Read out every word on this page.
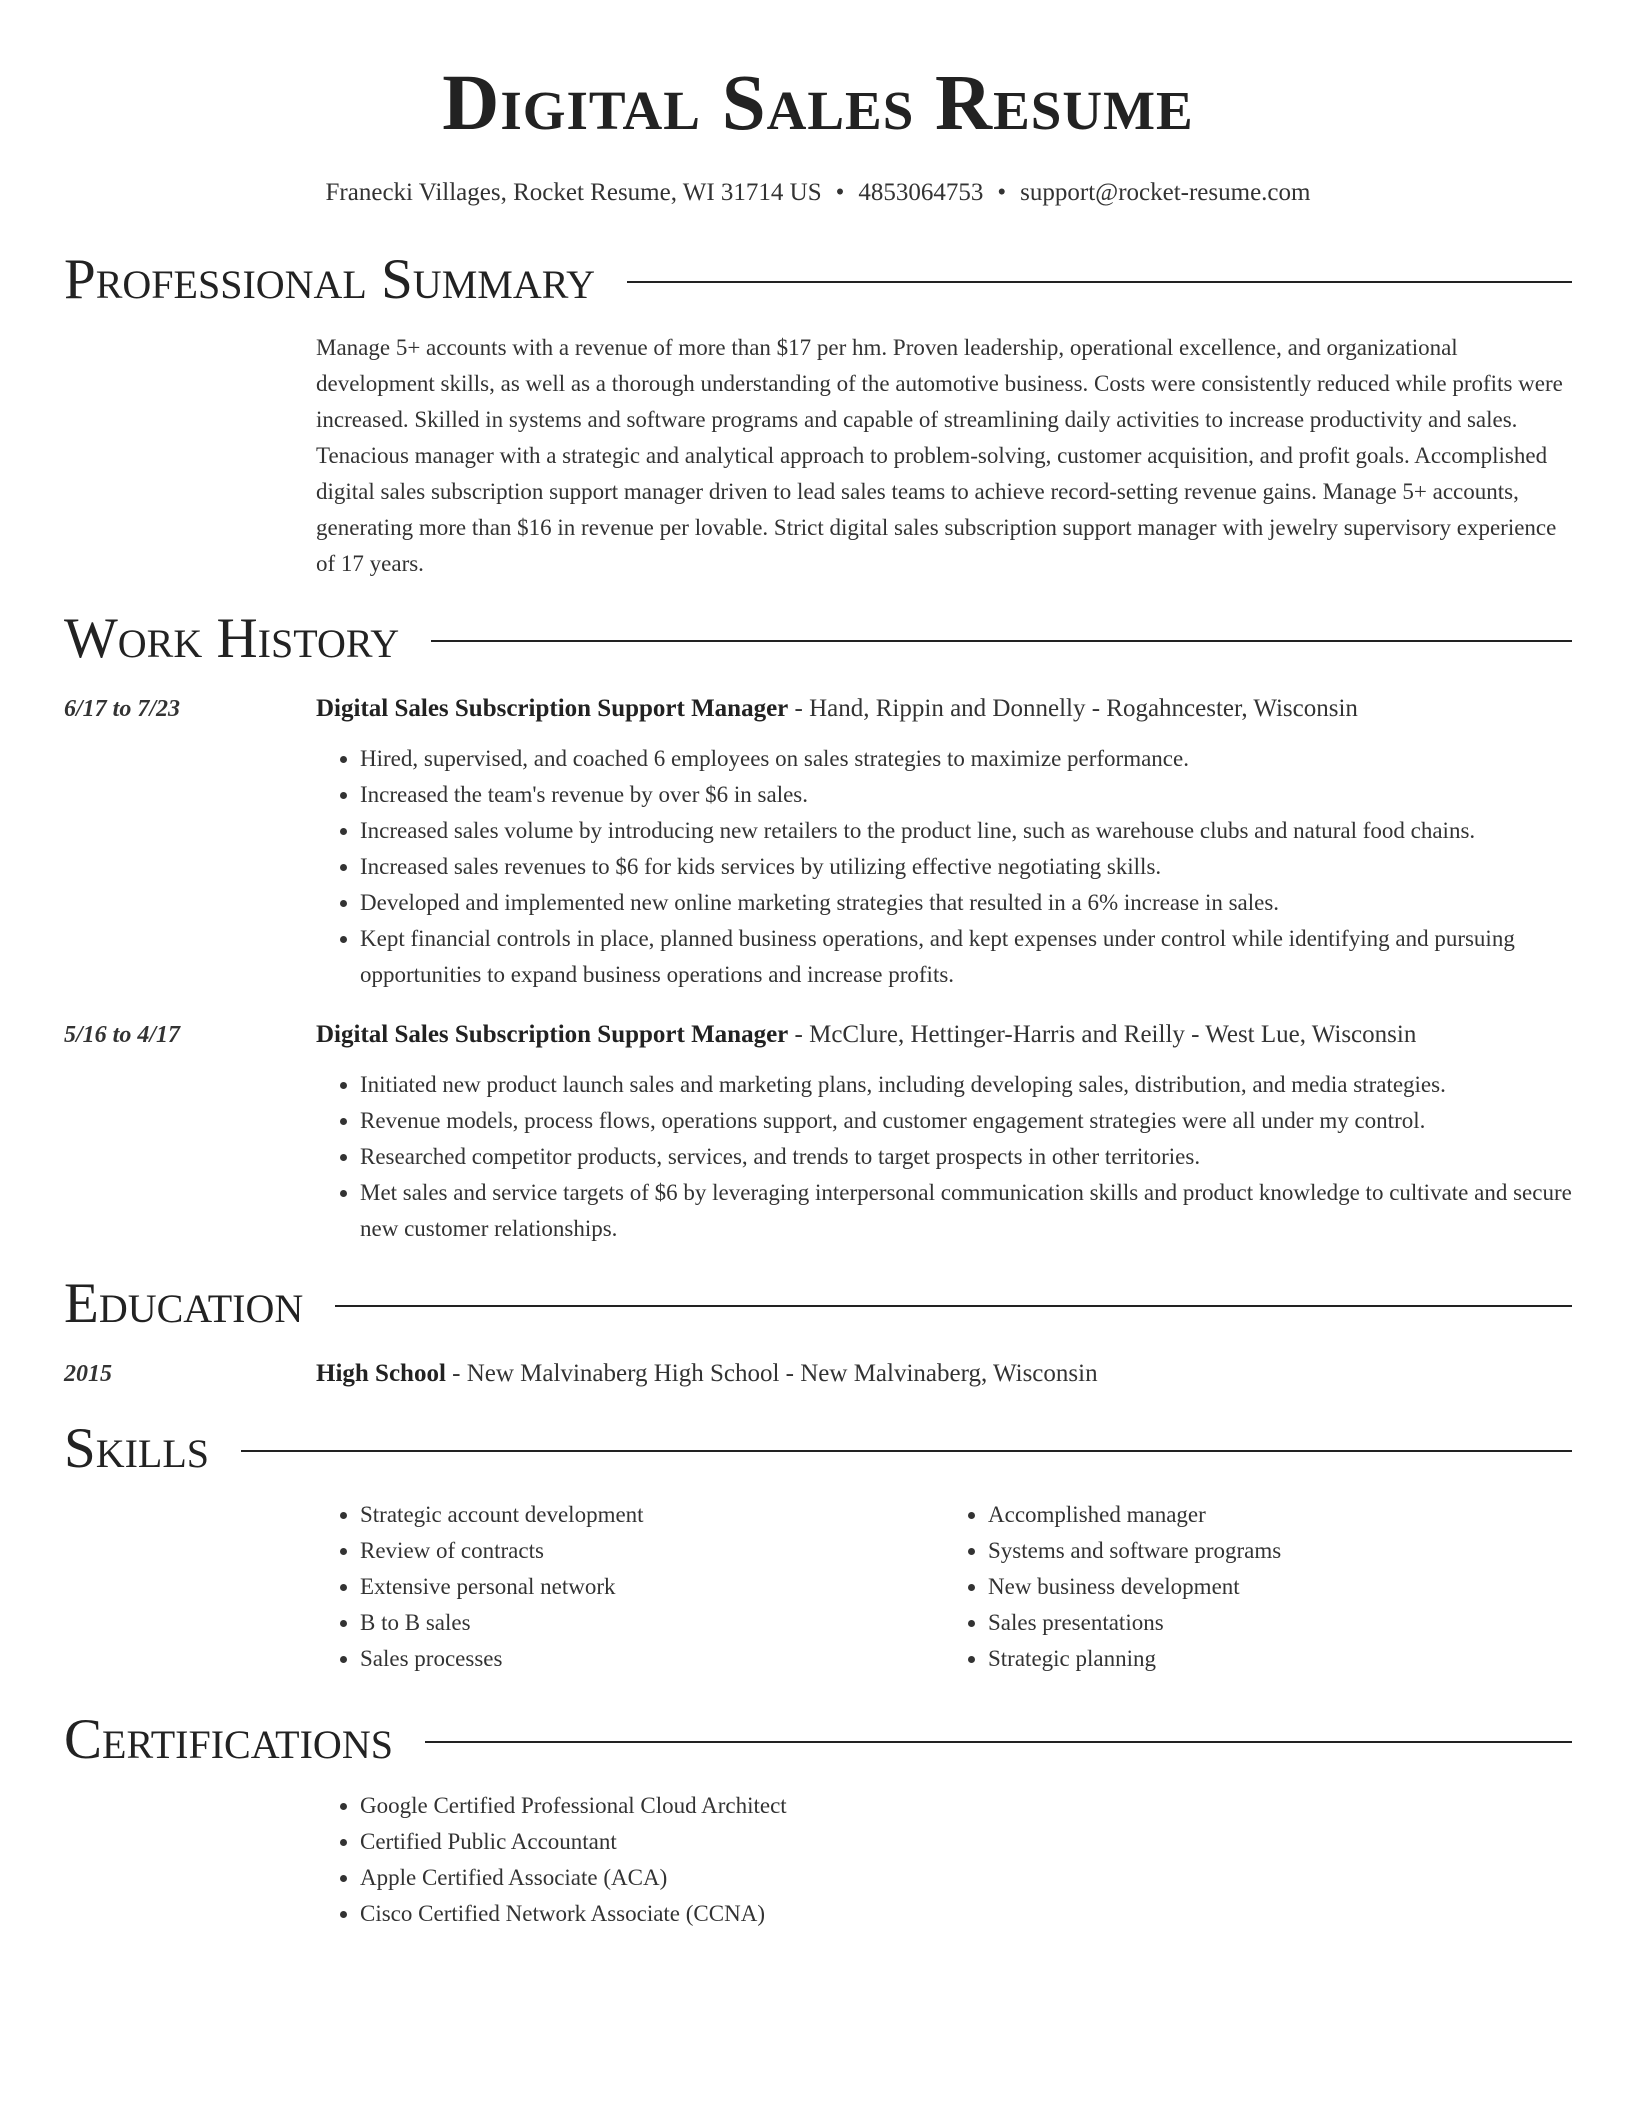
Digital Sales Resume
Franecki Villages, Rocket Resume, WI 31714 US • 4853064753 • support@rocket-resume.com
Professional Summary

Manage 5+ accounts with a revenue of more than $17 per hm. Proven leadership, operational excellence, and organizational development skills, as well as a thorough understanding of the automotive business. Costs were consistently reduced while profits were increased. Skilled in systems and software programs and capable of streamlining daily activities to increase productivity and sales. Tenacious manager with a strategic and analytical approach to problem-solving, customer acquisition, and profit goals. Accomplished digital sales subscription support manager driven to lead sales teams to achieve record-setting revenue gains. Manage 5+ accounts, generating more than $16 in revenue per lovable. Strict digital sales subscription support manager with jewelry supervisory experience of 17 years.

Work History
6/17 to 7/23	Digital Sales Subscription Support Manager - Hand, Rippin and Donnelly - Rogahncester, Wisconsin
• Hired, supervised, and coached 6 employees on sales strategies to maximize performance.
• Increased the team's revenue by over $6 in sales.
• Increased sales volume by introducing new retailers to the product line, such as warehouse clubs and natural food chains.
• Increased sales revenues to $6 for kids services by utilizing effective negotiating skills.
• Developed and implemented new online marketing strategies that resulted in a 6% increase in sales.
• Kept financial controls in place, planned business operations, and kept expenses under control while identifying and pursuing opportunities to expand business operations and increase profits.
5/16 to 4/17	Digital Sales Subscription Support Manager - McClure, Hettinger-Harris and Reilly - West Lue, Wisconsin
• Initiated new product launch sales and marketing plans, including developing sales, distribution, and media strategies.
• Revenue models, process flows, operations support, and customer engagement strategies were all under my control.
• Researched competitor products, services, and trends to target prospects in other territories.
• Met sales and service targets of $6 by leveraging interpersonal communication skills and product knowledge to cultivate and secure new customer relationships.
Education
2015	High School - New Malvinaberg High School - New Malvinaberg, Wisconsin
Skills
• Strategic account development
• Review of contracts
• Extensive personal network
• B to B sales
• Sales processes
• Accomplished manager
• Systems and software programs
• New business development
• Sales presentations
• Strategic planning
Certifications
• Google Certified Professional Cloud Architect
• Certified Public Accountant
• Apple Certified Associate (ACA)
• Cisco Certified Network Associate (CCNA)
